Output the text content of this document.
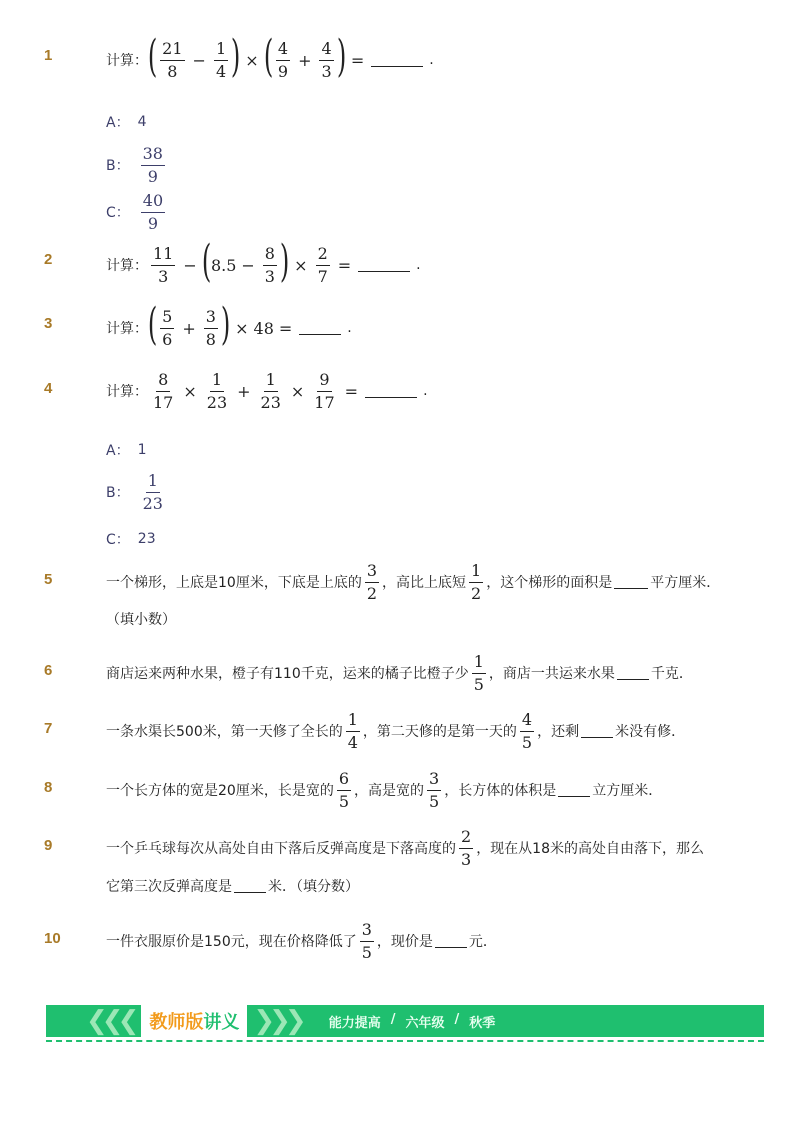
1	计算： ( $\frac{21}{8} - \frac{1}{4}$ ) × ( $\frac{4}{9} + \frac{4}{3}$ ) =	.
A： 4
B： $\frac{38}{9}$
C： $\frac{40}{9}$
2	计算： $\frac{11}{3}$ − ( $8.5 - \frac{8}{3}$ ) × $\frac{2}{7}$ =	.
3	计算： ( $\frac{5}{6} + \frac{3}{8}$ ) × 48 =	.
4	计算： $\frac{8}{17} \times \frac{1}{23} + \frac{1}{23} \times \frac{9}{17}$ =	.
A： 1
B： $\frac{1}{23}$
C： 23
5	一个梯形，上底是10厘米，下底是上底的 $\frac{3}{2}$ ，高比上底短 $\frac{1}{2}$ ，这个梯形的面积是	平方厘米．
（填小数）
6	商店运来两种水果，橙子有110千克，运来的橘子比橙子少 $\frac{1}{5}$ ，商店一共运来水果	千克．
7	一条水渠长500米，第一天修了全长的 $\frac{1}{4}$ ，第二天修的是第一天的 $\frac{4}{5}$ ，还剩	米没有修．
8	一个长方体的宽是20厘米，长是宽的 $\frac{6}{5}$ ，高是宽的 $\frac{3}{5}$ ，长方体的体积是	立方厘米．
9	一个乒乓球每次从高处自由下落后反弹高度是下落高度的 $\frac{2}{3}$ ，现在从18米的高处自由落下，那么
它第三次反弹高度是	米．（填分数）
10	一件衣服原价是150元，现在价格降低了 $\frac{3}{5}$ ，现价是	元．
❮❮❮ 教师版 讲义 ❯❯❯ 能力提高 / 六年级 / 秋季
